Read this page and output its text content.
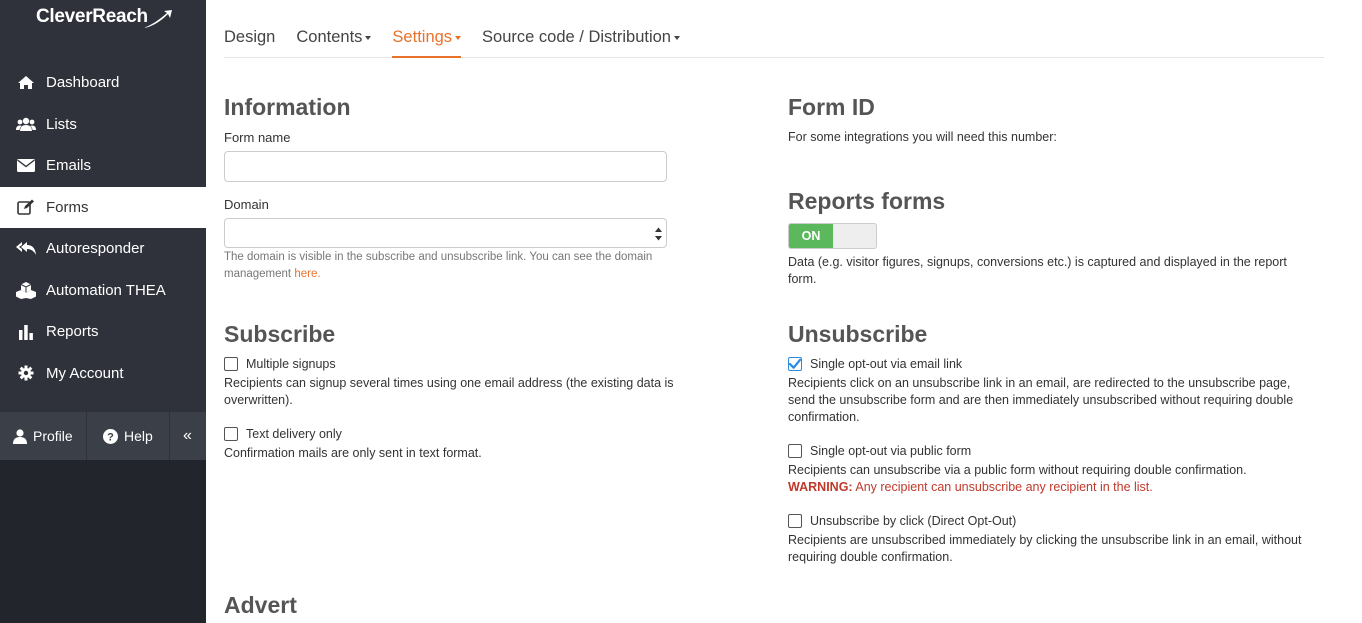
CleverReach
Dashboard
Lists
Emails
Forms
Autoresponder
Automation THEA
Reports
My Account
Profile	? Help «
Design Contents	Settings	Source code / Distribution
Information
Form name
Domain
The domain is visible in the subscribe and unsubscribe link. You can see the domain management here.
Subscribe
Multiple signups
Recipients can signup several times using one email address (the existing data is overwritten).
Text delivery only
Confirmation mails are only sent in text format.
Advert
Form ID
For some integrations you will need this number:
Reports forms
ON
Data (e.g. visitor figures, signups, conversions etc.) is captured and displayed in the report form.
Unsubscribe
Single opt-out via email link
Recipients click on an unsubscribe link in an email, are redirected to the unsubscribe page, send the unsubscribe form and are then immediately unsubscribed without requiring double confirmation.
Single opt-out via public form
Recipients can unsubscribe via a public form without requiring double confirmation.
WARNING: Any recipient can unsubscribe any recipient in the list.
Unsubscribe by click (Direct Opt-Out)
Recipients are unsubscribed immediately by clicking the unsubscribe link in an email, without requiring double confirmation.
